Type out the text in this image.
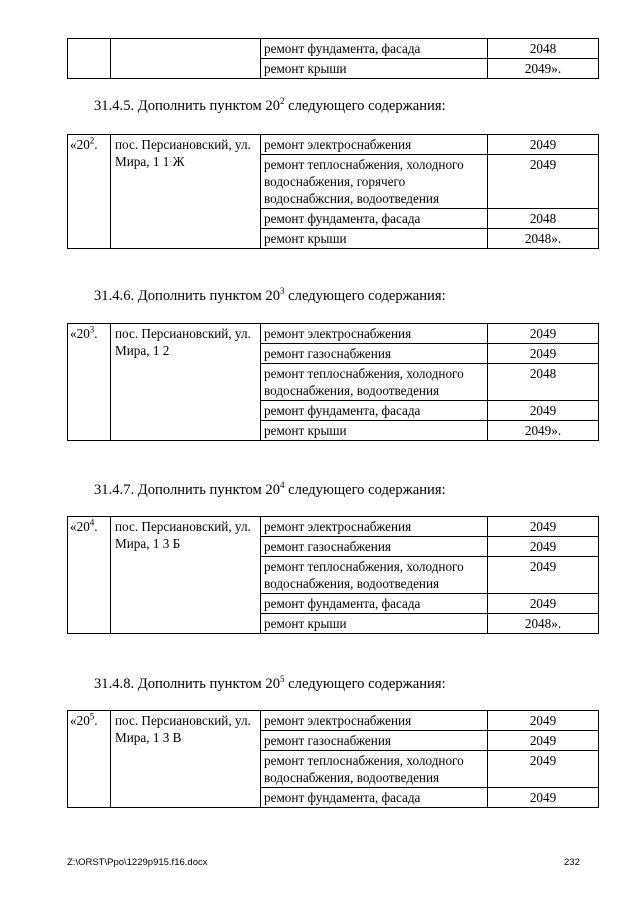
		ремонт фундамента, фасада	2048
		ремонт крыши	2049».
31.4.5. Дополнить пунктом $20^2$ следующего содержания:
«$20^2$.	пос. Персиановский, ул. Мира, 1 1 Ж	ремонт электроснабжения	2049
		ремонт теплоснабжения, холодного водоснабжения, горячего водоснабжсния, водоотведения	2049
		ремонт фундамента, фасада	2048
		ремонт крыши	2048».
31.4.6. Дополнить пунктом $20^3$ следующего содержания:
«$20^3$.	пос. Персиановский, ул. Мира, 1 2	ремонт электроснабжения	2049
		ремонт газоснабжения	2049
		ремонт теплоснабжения, холодного водоснабжения, водоотведения	2048
		ремонт фундамента, фасада	2049
		ремонт крыши	2049».
31.4.7. Дополнить пунктом $20^4$ следующего содержания:
«$20^4$.	пос. Персиановский, ул. Мира, 1 3 Б	ремонт электроснабжения	2049
		ремонт газоснабжения	2049
		ремонт теплоснабжения, холодного водоснабжения, водоотведения	2049
		ремонт фундамента, фасада	2049
		ремонт крыши	2048».
31.4.8. Дополнить пунктом $20^5$ следующего содержания:
«$20^5$.	пос. Персиановский, ул. Мира, 1 3 В	ремонт электроснабжения	2049
		ремонт газоснабжения	2049
		ремонт теплоснабжения, холодного водоснабжения, водоотведения	2049
		ремонт фундамента, фасада	2049
Z:\ORST\Ppo\1229p915.f16.docx	232
